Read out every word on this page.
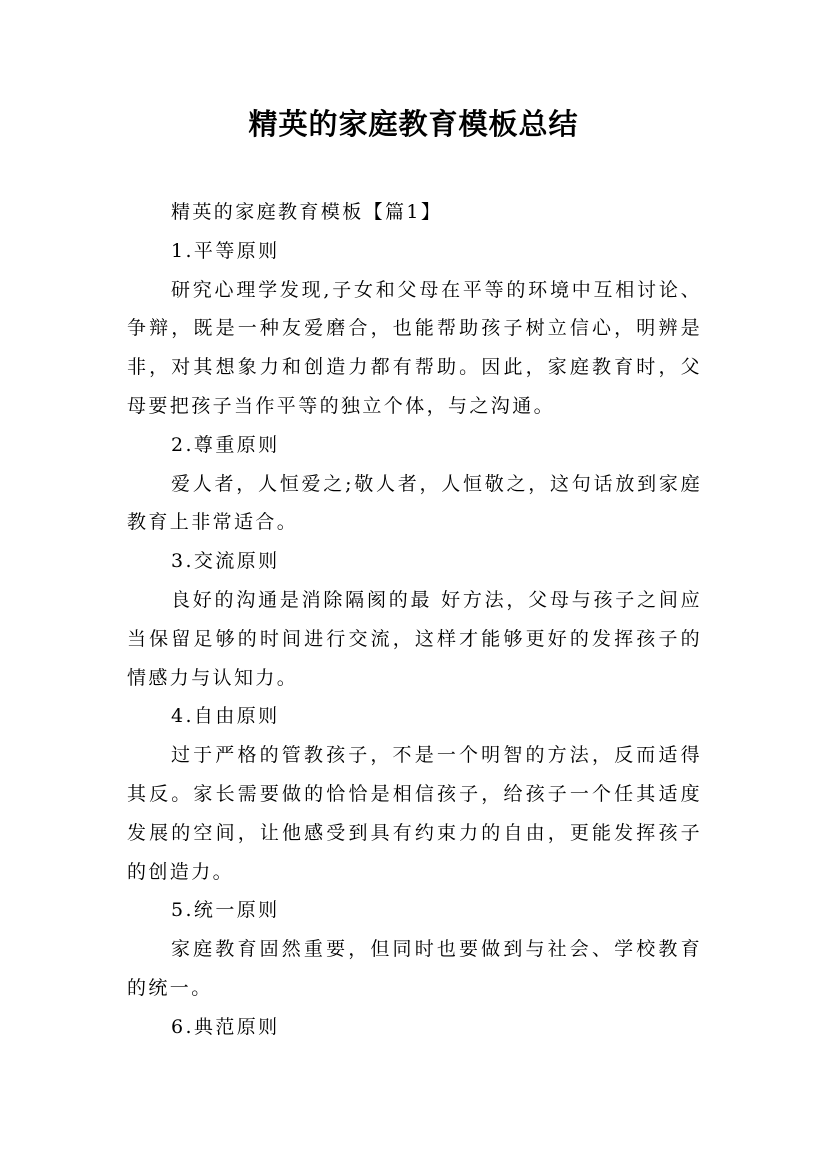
精英的家庭教育模板总结

精英的家庭教育模板【篇1】

1.平等原则

研究心理学发现,子女和父母在平等的环境中互相讨论、争辩，既是一种友爱磨合，也能帮助孩子树立信心，明辨是非，对其想象力和创造力都有帮助。因此，家庭教育时，父母要把孩子当作平等的独立个体，与之沟通。

2.尊重原则

爱人者，人恒爱之;敬人者，人恒敬之，这句话放到家庭教育上非常适合。

3.交流原则

良好的沟通是消除隔阂的最 好方法，父母与孩子之间应当保留足够的时间进行交流，这样才能够更好的发挥孩子的情感力与认知力。

4.自由原则

过于严格的管教孩子，不是一个明智的方法，反而适得其反。家长需要做的恰恰是相信孩子，给孩子一个任其适度发展的空间，让他感受到具有约束力的自由，更能发挥孩子的创造力。

5.统一原则

家庭教育固然重要，但同时也要做到与社会、学校教育的统一。

6.典范原则
